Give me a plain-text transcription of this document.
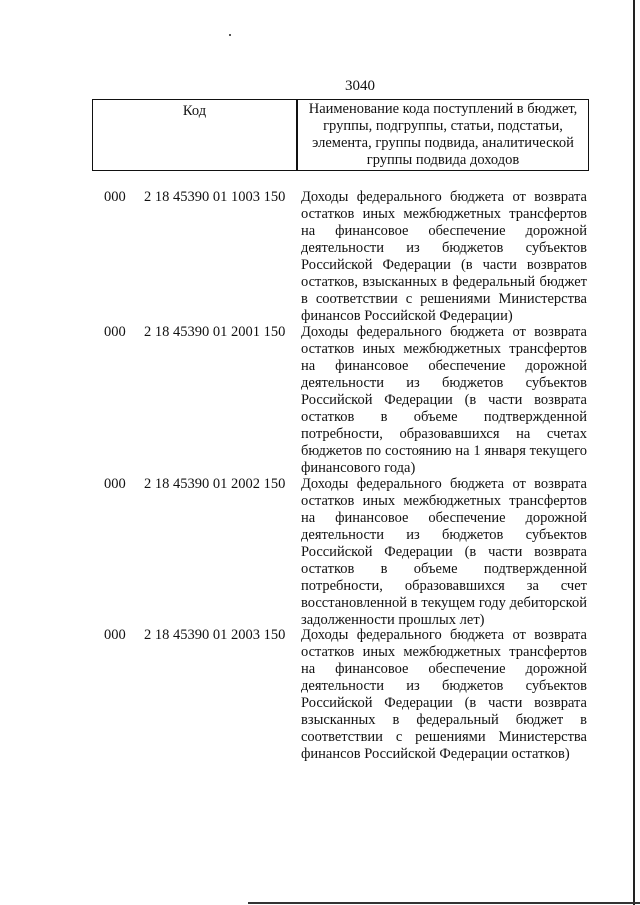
3040
Код	Наименование кода поступлений в бюджет, группы, подгруппы, статьи, подстатьи, элемента, группы подвида, аналитической группы подвида доходов
000 2 18 45390 01 1003 150 Доходы федерального бюджета от возврата остатков иных межбюджетных трансфертов на финансовое обеспечение дорожной деятельности из бюджетов субъектов Российской Федерации (в части возвратов остатков, взысканных в федеральный бюджет в соответствии с решениями Министерства финансов Российской Федерации)
000 2 18 45390 01 2001 150 Доходы федерального бюджета от возврата остатков иных межбюджетных трансфертов на финансовое обеспечение дорожной деятельности из бюджетов субъектов Российской Федерации (в части возврата остатков в объеме подтвержденной потребности, образовавшихся на счетах бюджетов по состоянию на 1 января текущего финансового года)
000 2 18 45390 01 2002 150 Доходы федерального бюджета от возврата остатков иных межбюджетных трансфертов на финансовое обеспечение дорожной деятельности из бюджетов субъектов Российской Федерации (в части возврата остатков в объеме подтвержденной потребности, образовавшихся за счет восстановленной в текущем году дебиторской задолженности прошлых лет)
000 2 18 45390 01 2003 150 Доходы федерального бюджета от возврата остатков иных межбюджетных трансфертов на финансовое обеспечение дорожной деятельности из бюджетов субъектов Российской Федерации (в части возврата взысканных в федеральный бюджет в соответствии с решениями Министерства финансов Российской Федерации остатков)
